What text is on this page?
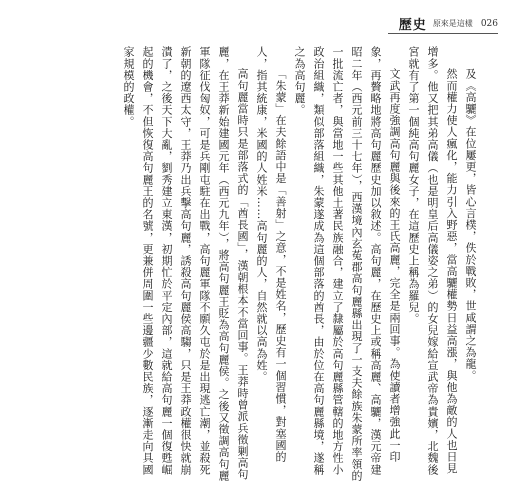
歷史 原來是這樣 026

及《高驪》在位屢更，皆心言樸，佚於戰敗，世咸謂之為龍。

然而權力使人瘋化，能力引入野惡，當高驪權勢日益高漲，與他為敵的人也日見增多。他又把其弟高儀（也是明皇后高儀姿之弟）的女兒嫁給宣武帝為貴嬪，北魏後宮就有了第一個純高句麗女子，在這歷史上稱為羅兒。

文武再度強調高句麗與後來的王氏高麗，完全是兩回事。為使讀者增強此一印象，再贅略地將高句麗歷史加以敘述。高句麗，在歷史上或稱高麗、高驪，漢元帝建昭二年（西元前三十七年），西漢境內玄菟郡高句麗縣出現了一支夫餘族朱蒙所率領的一批流亡者，與當地一些其他土著民族融合，建立了隸屬於高句麗縣管轄的地方性小政治組織，類似部落組織，朱蒙遂成為這個部落的酋長，由於位在高句麗縣境，遂稱之為高句麗。

「朱蒙」在夫餘語中是「善射」之意，不是姓名，歷史有一個習慣，對塞國的人，指其統康，米國的人姓米……高句麗的人，自然就以高為姓。

高句麗當時只是部落式的「酋長國」，漢朝根本不當回事。王莽時曾派兵徵剿高句麗，在王莽新始建國元年（西元九年），將高句麗王貶為高句麗侯。之後又徵調高句麗軍隊征伐匈奴，可是兵剛屯駐在出戰，高句麗軍隊不願久屯於是出現逃亡潮，並殺死新朝的遼西太守，王莽乃出兵擊高句麗，誘殺高句麗侯高騶，只是王莽政權很快就崩潰了，之後天下大亂，劉秀建立東漢，初期忙於平定內部，這就給高句麗一個復甦崛起的機會，不但恢復高句麗王的名號，更兼併周圍一些邊疆少數民族，逐漸走向具國家規模的政權。
